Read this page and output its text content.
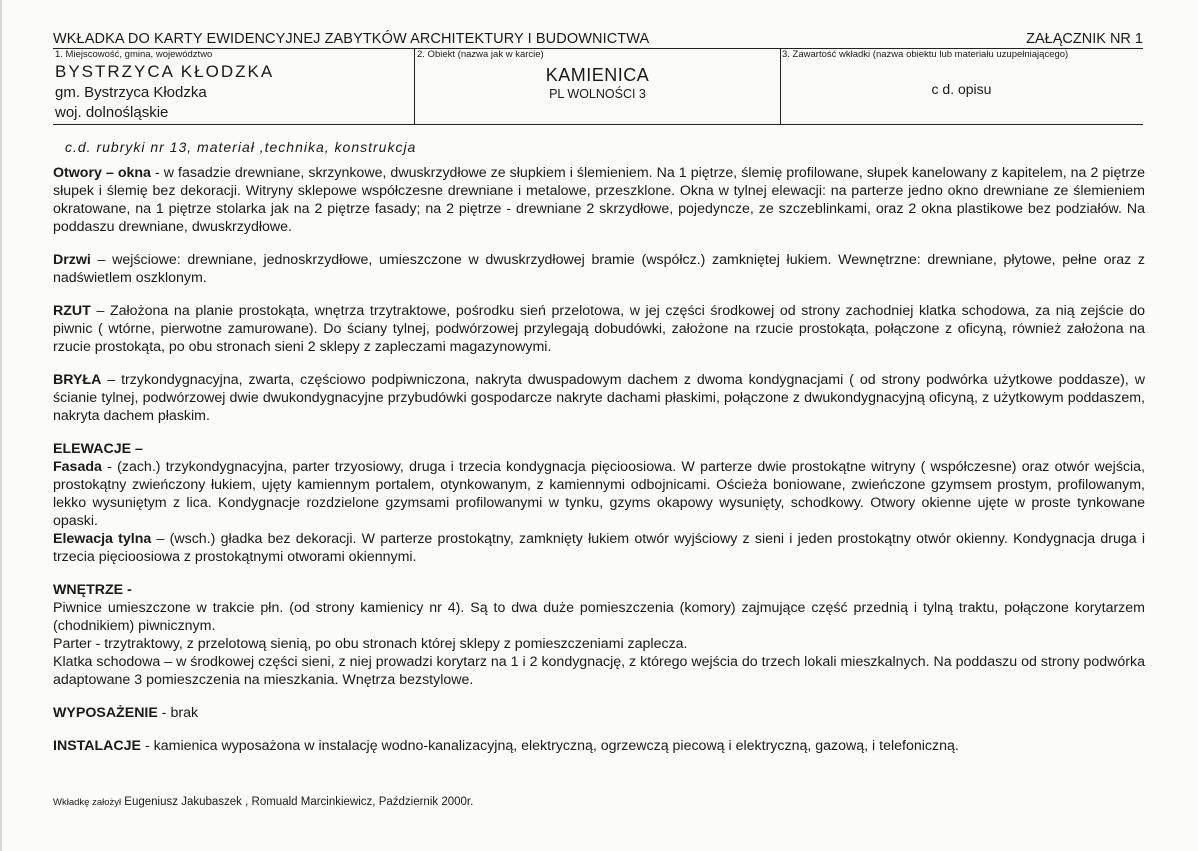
WKŁADKA DO KARTY EWIDENCYJNEJ ZABYTKÓW ARCHITEKTURY I BUDOWNICTWA	ZAŁĄCZNIK NR 1
1. Miejscowość, gmina, województwo
BYSTRZYCA KŁODZKA
gm. Bystrzyca Kłodzka
woj. dolnośląskie
2. Obiekt (nazwa jak w karcie)
KAMIENICA
PL WOLNOŚCI 3
3. Zawartość wkładki (nazwa obiektu lub materiału uzupełniającego)
c d. opisu
c.d. rubryki nr 13, materiał ,technika, konstrukcja
Otwory – okna - w fasadzie drewniane, skrzynkowe, dwuskrzydłowe ze słupkiem i ślemieniem. Na 1 piętrze, ślemię profilowane, słupek kanelowany z kapitelem, na 2 piętrze słupek i ślemię bez dekoracji. Witryny sklepowe współczesne drewniane i metalowe, przeszklone. Okna w tylnej elewacji: na parterze jedno okno drewniane ze ślemieniem okratowane, na 1 piętrze stolarka jak na 2 piętrze fasady; na 2 piętrze - drewniane 2 skrzydłowe, pojedyncze, ze szczeblinkami, oraz 2 okna plastikowe bez podziałów. Na poddaszu drewniane, dwuskrzydłowe.
Drzwi – wejściowe: drewniane, jednoskrzydłowe, umieszczone w dwuskrzydłowej bramie (współcz.) zamkniętej łukiem. Wewnętrzne: drewniane, płytowe, pełne oraz z nadświetlem oszklonym.
RZUT – Założona na planie prostokąta, wnętrza trzytraktowe, pośrodku sień przelotowa, w jej części środkowej od strony zachodniej klatka schodowa, za nią zejście do piwnic ( wtórne, pierwotne zamurowane). Do ściany tylnej, podwórzowej przylegają dobudówki, założone na rzucie prostokąta, połączone z oficyną, również założona na rzucie prostokąta, po obu stronach sieni 2 sklepy z zapleczami magazynowymi.
BRYŁA – trzykondygnacyjna, zwarta, częściowo podpiwniczona, nakryta dwuspadowym dachem z dwoma kondygnacjami ( od strony podwórka użytkowe poddasze), w ścianie tylnej, podwórzowej dwie dwukondygnacyjne przybudówki gospodarcze nakryte dachami płaskimi, połączone z dwukondygnacyjną oficyną, z użytkowym poddaszem, nakryta dachem płaskim.
ELEWACJE –
Fasada - (zach.) trzykondygnacyjna, parter trzyosiowy, druga i trzecia kondygnacja pięcioosiowa. W parterze dwie prostokątne witryny ( współczesne) oraz otwór wejścia, prostokątny zwieńczony łukiem, ujęty kamiennym portalem, otynkowanym, z kamiennymi odbojnicami. Ościeża boniowane, zwieńczone gzymsem prostym, profilowanym, lekko wysuniętym z lica. Kondygnacje rozdzielone gzymsami profilowanymi w tynku, gzyms okapowy wysunięty, schodkowy. Otwory okienne ujęte w proste tynkowane opaski.
Elewacja tylna – (wsch.) gładka bez dekoracji. W parterze prostokątny, zamknięty łukiem otwór wyjściowy z sieni i jeden prostokątny otwór okienny. Kondygnacja druga i trzecia pięcioosiowa z prostokątnymi otworami okiennymi.
WNĘTRZE -
Piwnice umieszczone w trakcie płn. (od strony kamienicy nr 4). Są to dwa duże pomieszczenia (komory) zajmujące część przednią i tylną traktu, połączone korytarzem (chodnikiem) piwnicznym.
Parter - trzytraktowy, z przelotową sienią, po obu stronach której sklepy z pomieszczeniami zaplecza.
Klatka schodowa – w środkowej części sieni, z niej prowadzi korytarz na 1 i 2 kondygnację, z którego wejścia do trzech lokali mieszkalnych. Na poddaszu od strony podwórka adaptowane 3 pomieszczenia na mieszkania. Wnętrza bezstylowe.
WYPOSAŻENIE - brak
INSTALACJE - kamienica wyposażona w instalację wodno-kanalizacyjną, elektryczną, ogrzewczą piecową i elektryczną, gazową, i telefoniczną.
Wkładkę założył Eugeniusz Jakubaszek , Romuald Marcinkiewicz, Październik 2000r.
